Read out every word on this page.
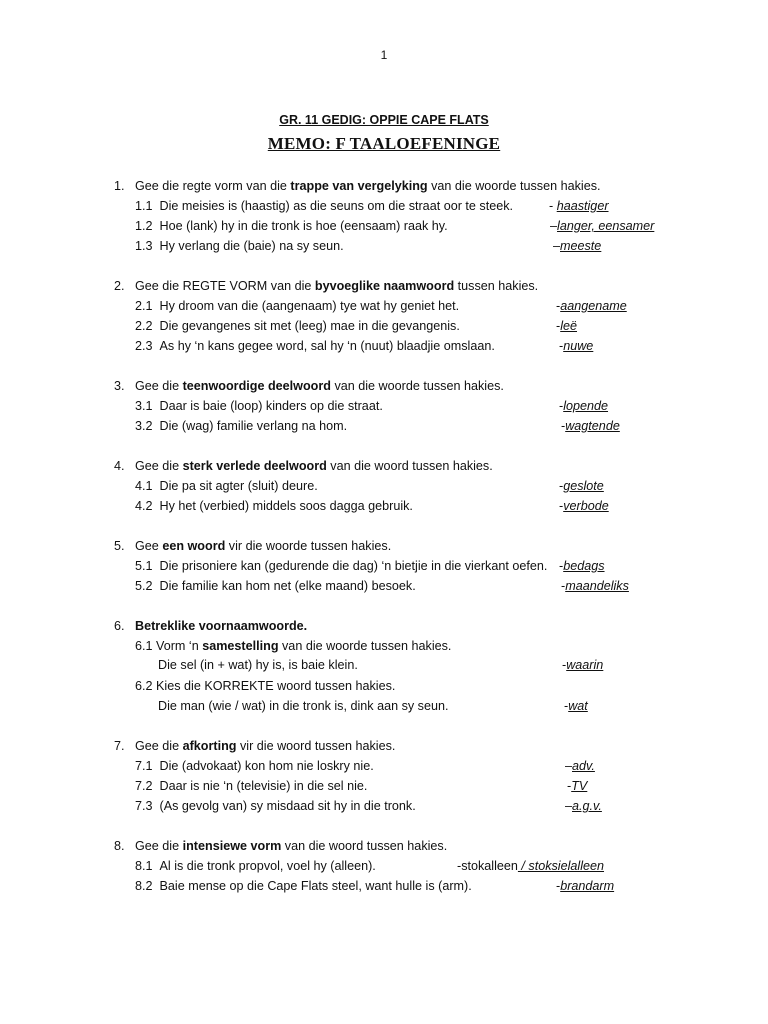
1
GR. 11 GEDIG: OPPIE CAPE FLATS
MEMO: F TAALOEFENINGE
1. Gee die regte vorm van die trappe van vergelyking van die woorde tussen hakies.
1.1 Die meisies is (haastig) as die seuns om die straat oor te steek.	- haastiger
1.2 Hoe (lank) hy in die tronk is hoe (eensaam) raak hy.	–langer, eensamer
1.3 Hy verlang die (baie) na sy seun.	–meeste
2. Gee die REGTE VORM van die byvoeglike naamwoord tussen hakies.
2.1 Hy droom van die (aangenaam) tye wat hy geniet het.	-aangename
2.2 Die gevangenes sit met (leeg) mae in die gevangenis.	-leë
2.3 As hy ‘n kans gegee word, sal hy ‘n (nuut) blaadjie omslaan.	-nuwe
3. Gee die teenwoordige deelwoord van die woorde tussen hakies.
3.1 Daar is baie (loop) kinders op die straat.	-lopende
3.2 Die (wag) familie verlang na hom.	-wagtende
4. Gee die sterk verlede deelwoord van die woord tussen hakies.
4.1 Die pa sit agter (sluit) deure.	-geslote
4.2 Hy het (verbied) middels soos dagga gebruik.	-verbode
5. Gee een woord vir die woorde tussen hakies.
5.1 Die prisoniere kan (gedurende die dag) ‘n bietjie in die vierkant oefen. -bedags
5.2 Die familie kan hom net (elke maand) besoek.	-maandeliks
6. Betreklike voornaamwoorde.
6.1 Vorm ‘n samestelling van die woorde tussen hakies.
Die sel (in + wat) hy is, is baie klein.	-waarin
6.2 Kies die KORREKTE woord tussen hakies.
Die man (wie / wat) in die tronk is, dink aan sy seun.	-wat
7. Gee die afkorting vir die woord tussen hakies.
7.1 Die (advokaat) kon hom nie loskry nie.	–adv.
7.2 Daar is nie ‘n (televisie) in die sel nie.	-TV
7.3 (As gevolg van) sy misdaad sit hy in die tronk.	–a.g.v.
8. Gee die intensiewe vorm van die woord tussen hakies.
8.1 Al is die tronk propvol, voel hy (alleen).	-stokalleen / stoksielalleen
8.2 Baie mense op die Cape Flats steel, want hulle is (arm).	-brandarm
